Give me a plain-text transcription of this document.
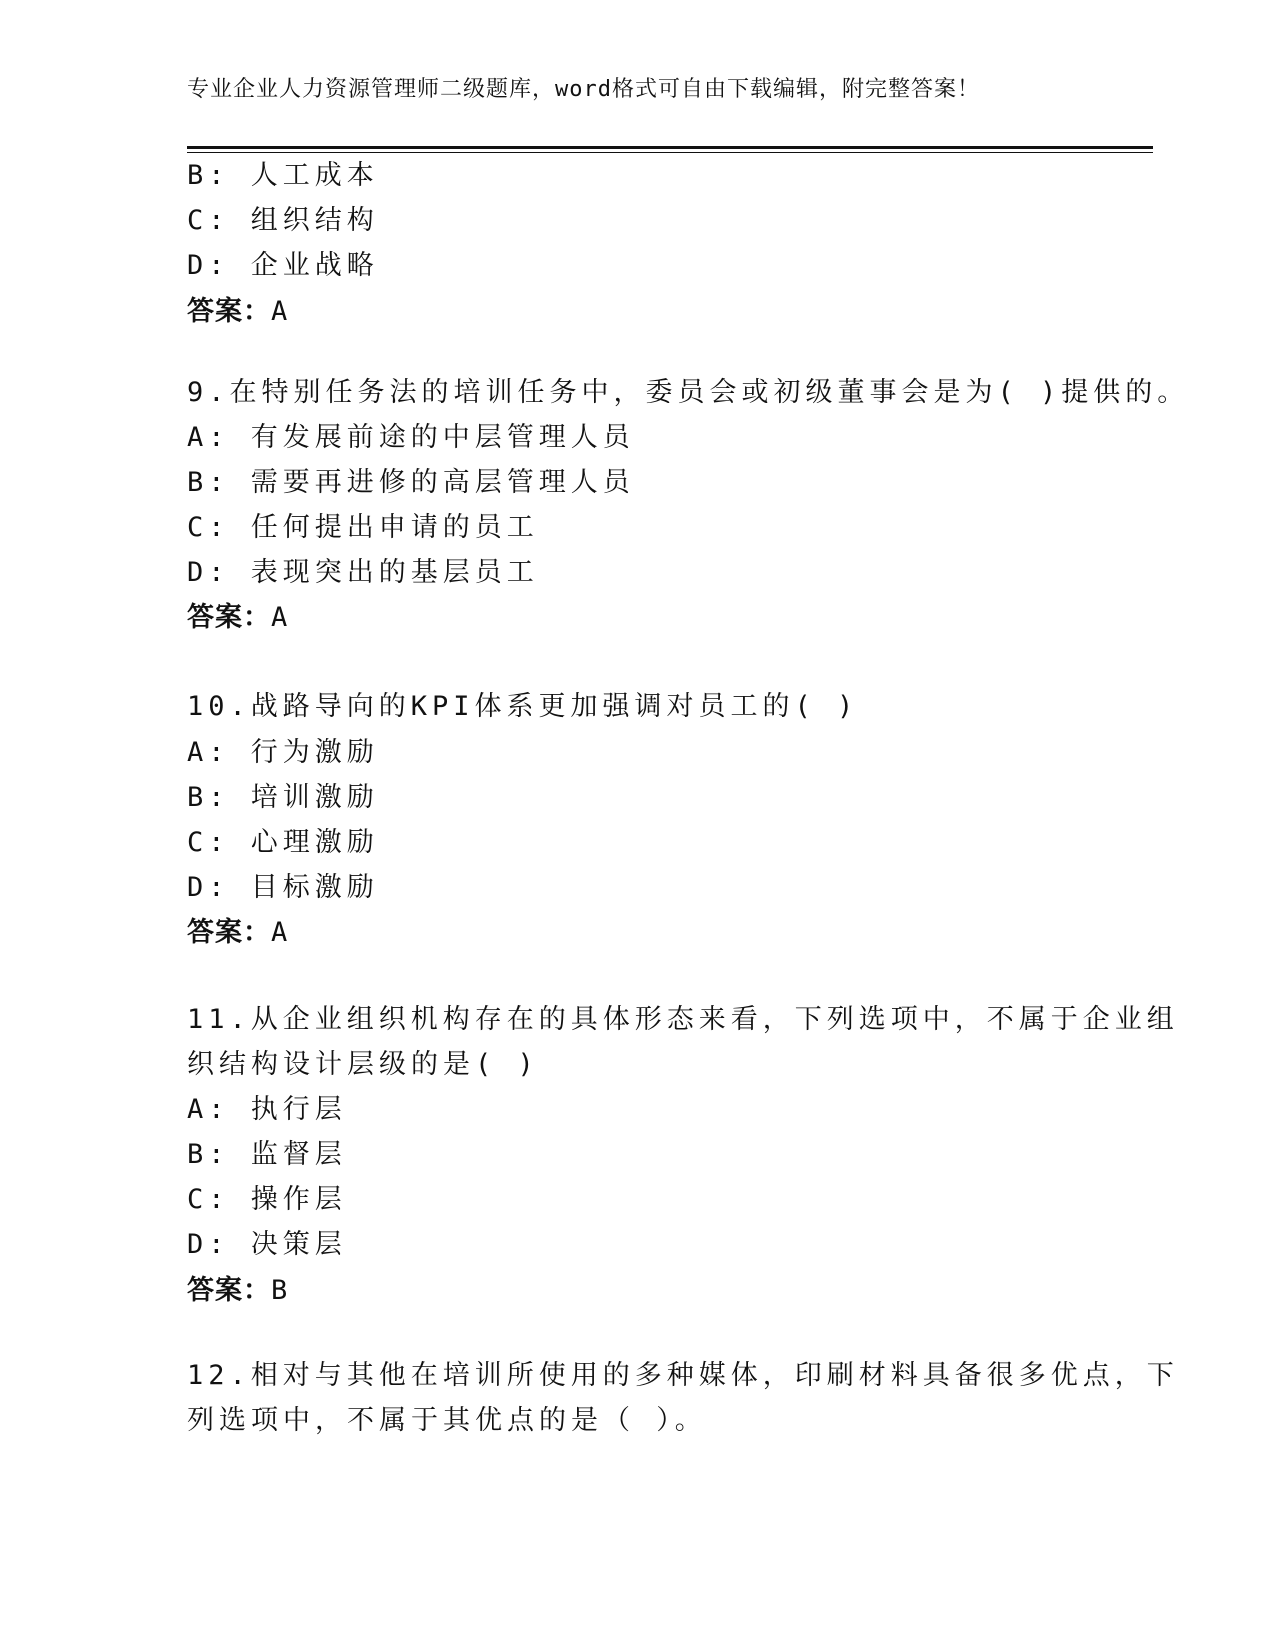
专业企业人力资源管理师二级题库，word格式可自由下载编辑，附完整答案！
B: 人工成本
C: 组织结构
D: 企业战略
答案：A
9.在特别任务法的培训任务中，委员会或初级董事会是为( )提供的。
A: 有发展前途的中层管理人员
B: 需要再进修的高层管理人员
C: 任何提出申请的员工
D: 表现突出的基层员工
答案：A
10.战路导向的KPI体系更加强调对员工的( )
A: 行为激励
B: 培训激励
C: 心理激励
D: 目标激励
答案：A
11.从企业组织机构存在的具体形态来看，下列选项中，不属于企业组
织结构设计层级的是( )
A: 执行层
B: 监督层
C: 操作层
D: 决策层
答案：B
12.相对与其他在培训所使用的多种媒体，印刷材料具备很多优点，下
列选项中，不属于其优点的是（ ）。
